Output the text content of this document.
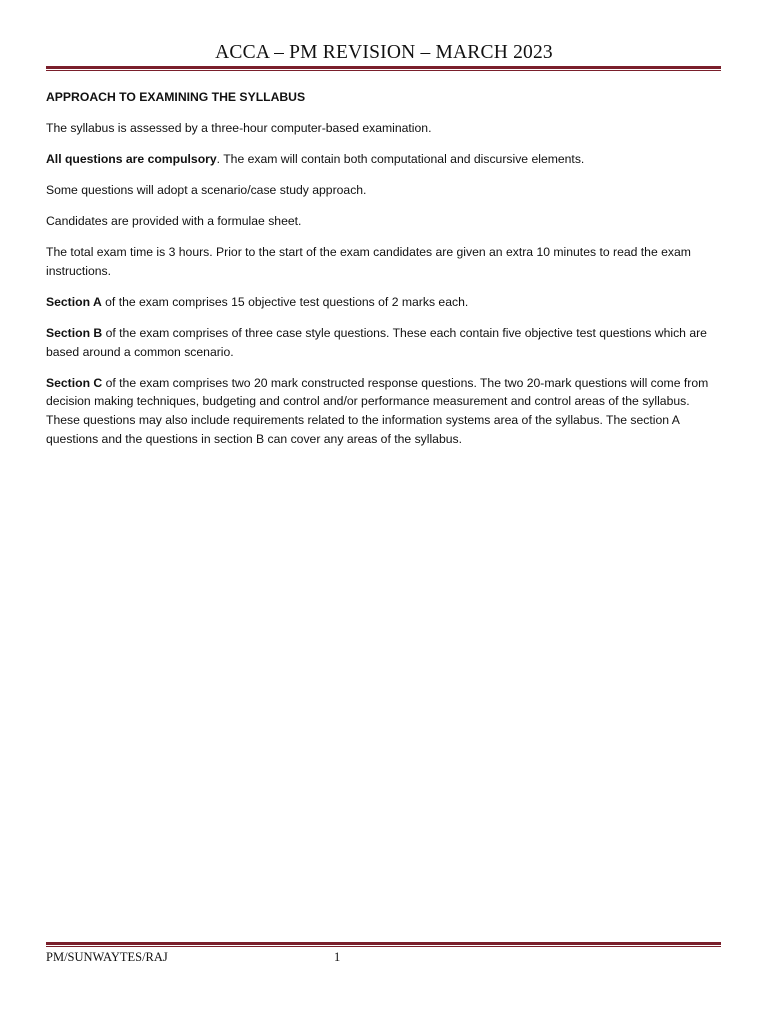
ACCA – PM REVISION – MARCH 2023

APPROACH TO EXAMINING THE SYLLABUS

The syllabus is assessed by a three-hour computer-based examination.

All questions are compulsory. The exam will contain both computational and discursive elements.

Some questions will adopt a scenario/case study approach.

Candidates are provided with a formulae sheet.

The total exam time is 3 hours. Prior to the start of the exam candidates are given an extra 10 minutes to read the exam instructions.

Section A of the exam comprises 15 objective test questions of 2 marks each.

Section B of the exam comprises of three case style questions. These each contain five objective test questions which are based around a common scenario.

Section C of the exam comprises two 20 mark constructed response questions. The two 20-mark questions will come from decision making techniques, budgeting and control and/or performance measurement and control areas of the syllabus. These questions may also include requirements related to the information systems area of the syllabus. The section A questions and the questions in section B can cover any areas of the syllabus.

PM/SUNWAYTES/RAJ	1
